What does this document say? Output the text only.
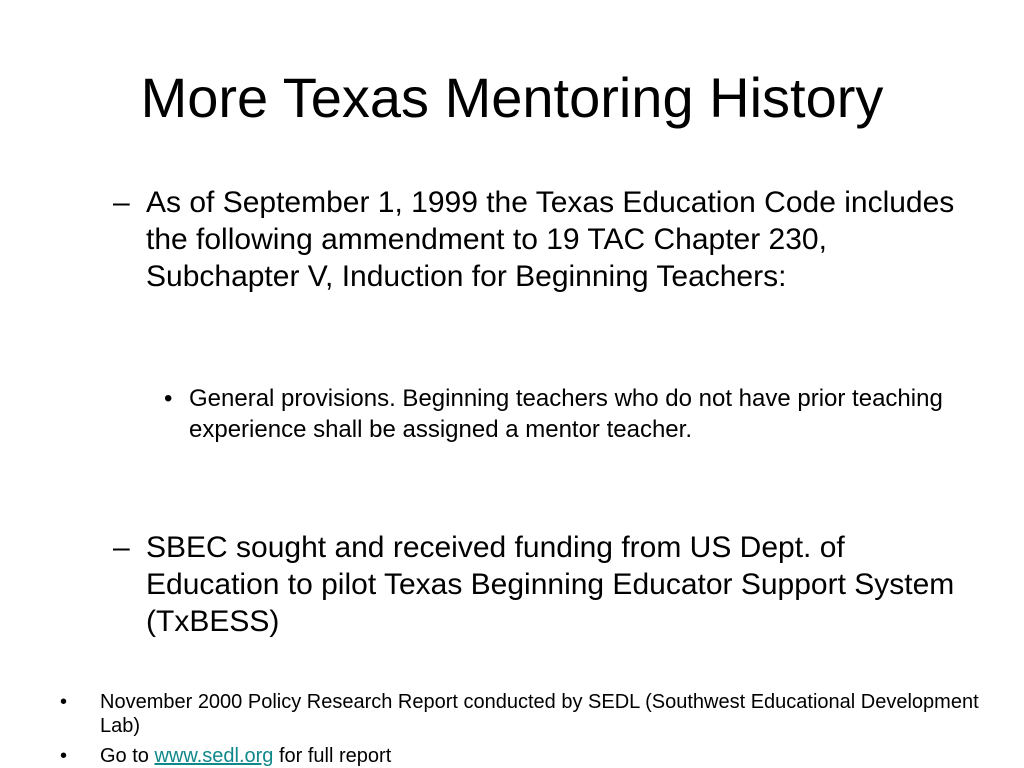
More Texas Mentoring History
– As of September 1, 1999 the Texas Education Code includes the following ammendment to 19 TAC Chapter 230, Subchapter V, Induction for Beginning Teachers:
• General provisions. Beginning teachers who do not have prior teaching experience shall be assigned a mentor teacher.
– SBEC sought and received funding from US Dept. of Education to pilot Texas Beginning Educator Support System (TxBESS)
• November 2000 Policy Research Report conducted by SEDL (Southwest Educational Development Lab)
• Go to www.sedl.org for full report
